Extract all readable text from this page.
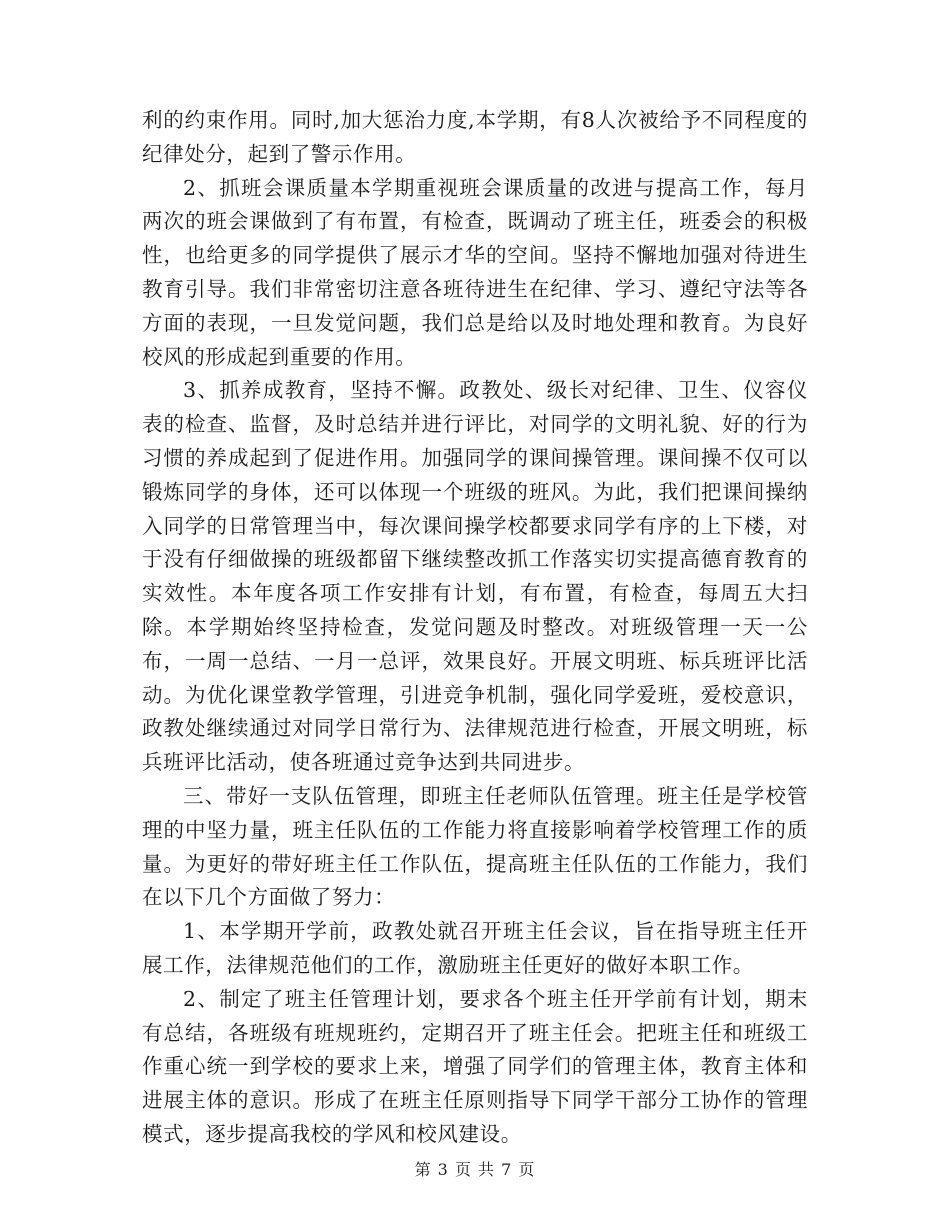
利的约束作用。同时,加大惩治力度,本学期，有8人次被给予不同程度的纪律处分，起到了警示作用。

2、抓班会课质量本学期重视班会课质量的改进与提高工作，每月两次的班会课做到了有布置，有检查，既调动了班主任，班委会的积极性，也给更多的同学提供了展示才华的空间。坚持不懈地加强对待进生教育引导。我们非常密切注意各班待进生在纪律、学习、遵纪守法等各方面的表现，一旦发觉问题，我们总是给以及时地处理和教育。为良好校风的形成起到重要的作用。

3、抓养成教育，坚持不懈。政教处、级长对纪律、卫生、仪容仪表的检查、监督，及时总结并进行评比，对同学的文明礼貌、好的行为习惯的养成起到了促进作用。加强同学的课间操管理。课间操不仅可以锻炼同学的身体，还可以体现一个班级的班风。为此，我们把课间操纳入同学的日常管理当中，每次课间操学校都要求同学有序的上下楼，对于没有仔细做操的班级都留下继续整改抓工作落实切实提高德育教育的实效性。本年度各项工作安排有计划，有布置，有检查，每周五大扫除。本学期始终坚持检查，发觉问题及时整改。对班级管理一天一公布，一周一总结、一月一总评，效果良好。开展文明班、标兵班评比活动。为优化课堂教学管理，引进竞争机制，强化同学爱班，爱校意识，政教处继续通过对同学日常行为、法律规范进行检查，开展文明班，标兵班评比活动，使各班通过竞争达到共同进步。

三、带好一支队伍管理，即班主任老师队伍管理。班主任是学校管理的中坚力量，班主任队伍的工作能力将直接影响着学校管理工作的质量。为更好的带好班主任工作队伍，提高班主任队伍的工作能力，我们在以下几个方面做了努力：

1、本学期开学前，政教处就召开班主任会议，旨在指导班主任开展工作，法律规范他们的工作，激励班主任更好的做好本职工作。

2、制定了班主任管理计划，要求各个班主任开学前有计划，期末有总结，各班级有班规班约，定期召开了班主任会。把班主任和班级工作重心统一到学校的要求上来，增强了同学们的管理主体，教育主体和进展主体的意识。形成了在班主任原则指导下同学干部分工协作的管理模式，逐步提高我校的学风和校风建设。

第 3 页 共 7 页
